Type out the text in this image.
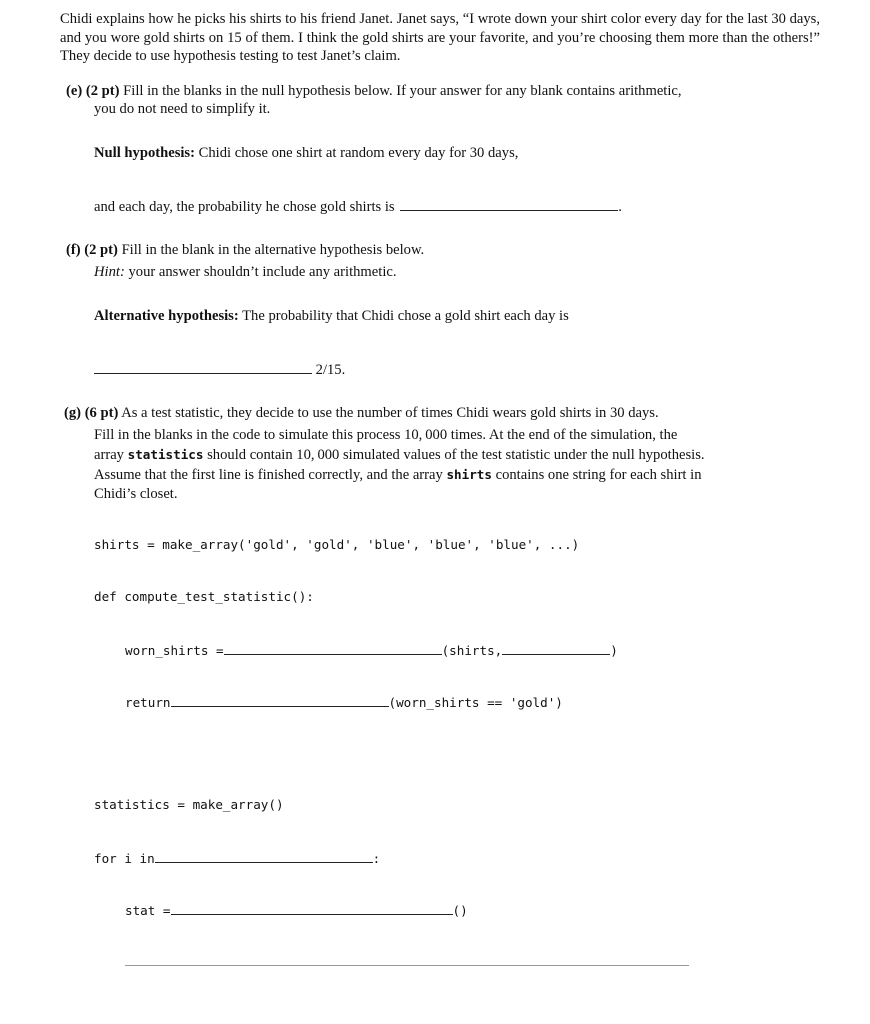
Chidi explains how he picks his shirts to his friend Janet. Janet says, “I wrote down your shirt color every day for the last 30 days, and you wore gold shirts on 15 of them. I think the gold shirts are your favorite, and you’re choosing them more than the others!” They decide to use hypothesis testing to test Janet’s claim.
(e) (2 pt) Fill in the blanks in the null hypothesis below. If your answer for any blank contains arithmetic,
you do not need to simplify it.
Null hypothesis: Chidi chose one shirt at random every day for 30 days,
and each day, the probability he chose gold shirts is	.
(f) (2 pt) Fill in the blank in the alternative hypothesis below.
Hint: your answer shouldn’t include any arithmetic.
Alternative hypothesis: The probability that Chidi chose a gold shirt each day is
2/15.
(g) (6 pt) As a test statistic, they decide to use the number of times Chidi wears gold shirts in 30 days.
Fill in the blanks in the code to simulate this process 10, 000 times. At the end of the simulation, the
array statistics should contain 10, 000 simulated values of the test statistic under the null hypothesis.
Assume that the first line is finished correctly, and the array shirts contains one string for each shirt in
Chidi’s closet.
shirts = make_array('gold', 'gold', 'blue', 'blue', 'blue', ...)
def compute_test_statistic():
worn_shirts =	(shirts,	)
return	(worn_shirts == 'gold')
statistics = make_array()
for i in	:
stat =	()
